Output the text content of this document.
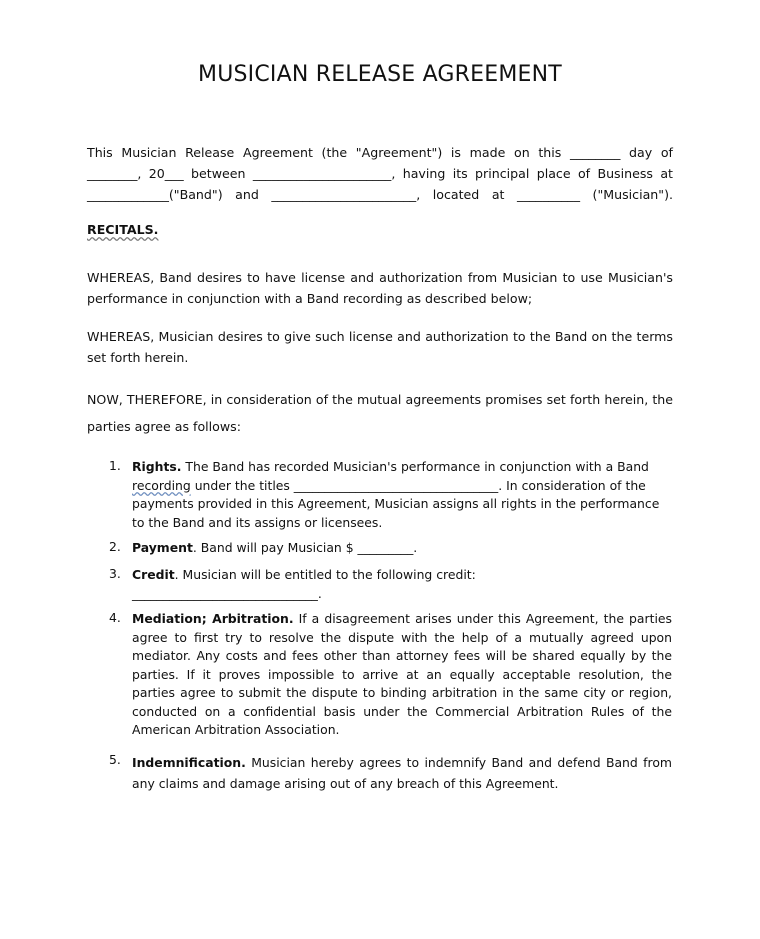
MUSICIAN RELEASE AGREEMENT
This Musician Release Agreement (the "Agreement") is made on this ________ day of
________, 20___ between ______________________, having its principal place of Business at
_____________("Band") and _______________________, located at __________ ("Musician").
RECITALS.
WHEREAS, Band desires to have license and authorization from Musician to use Musician's performance in conjunction with a Band recording as described below;
WHEREAS, Musician desires to give such license and authorization to the Band on the terms set forth herein.
NOW, THEREFORE, in consideration of the mutual agreements promises set forth herein, the
parties agree as follows:
1. Rights. The Band has recorded Musician's performance in conjunction with a Band
recording under the titles _________________________________. In consideration of the payments provided in this Agreement, Musician assigns all rights in the performance to the Band and its assigns or licensees.
2. Payment. Band will pay Musician $ _________.
3. Credit. Musician will be entitled to the following credit:
______________________________.
4. Mediation; Arbitration. If a disagreement arises under this Agreement, the parties agree to first try to resolve the dispute with the help of a mutually agreed upon mediator. Any costs and fees other than attorney fees will be shared equally by the parties. If it proves impossible to arrive at an equally acceptable resolution, the parties agree to submit the dispute to binding arbitration in the same city or region, conducted on a confidential basis under the Commercial Arbitration Rules of the American Arbitration Association.
5. Indemnification. Musician hereby agrees to indemnify Band and defend Band from any claims and damage arising out of any breach of this Agreement.
